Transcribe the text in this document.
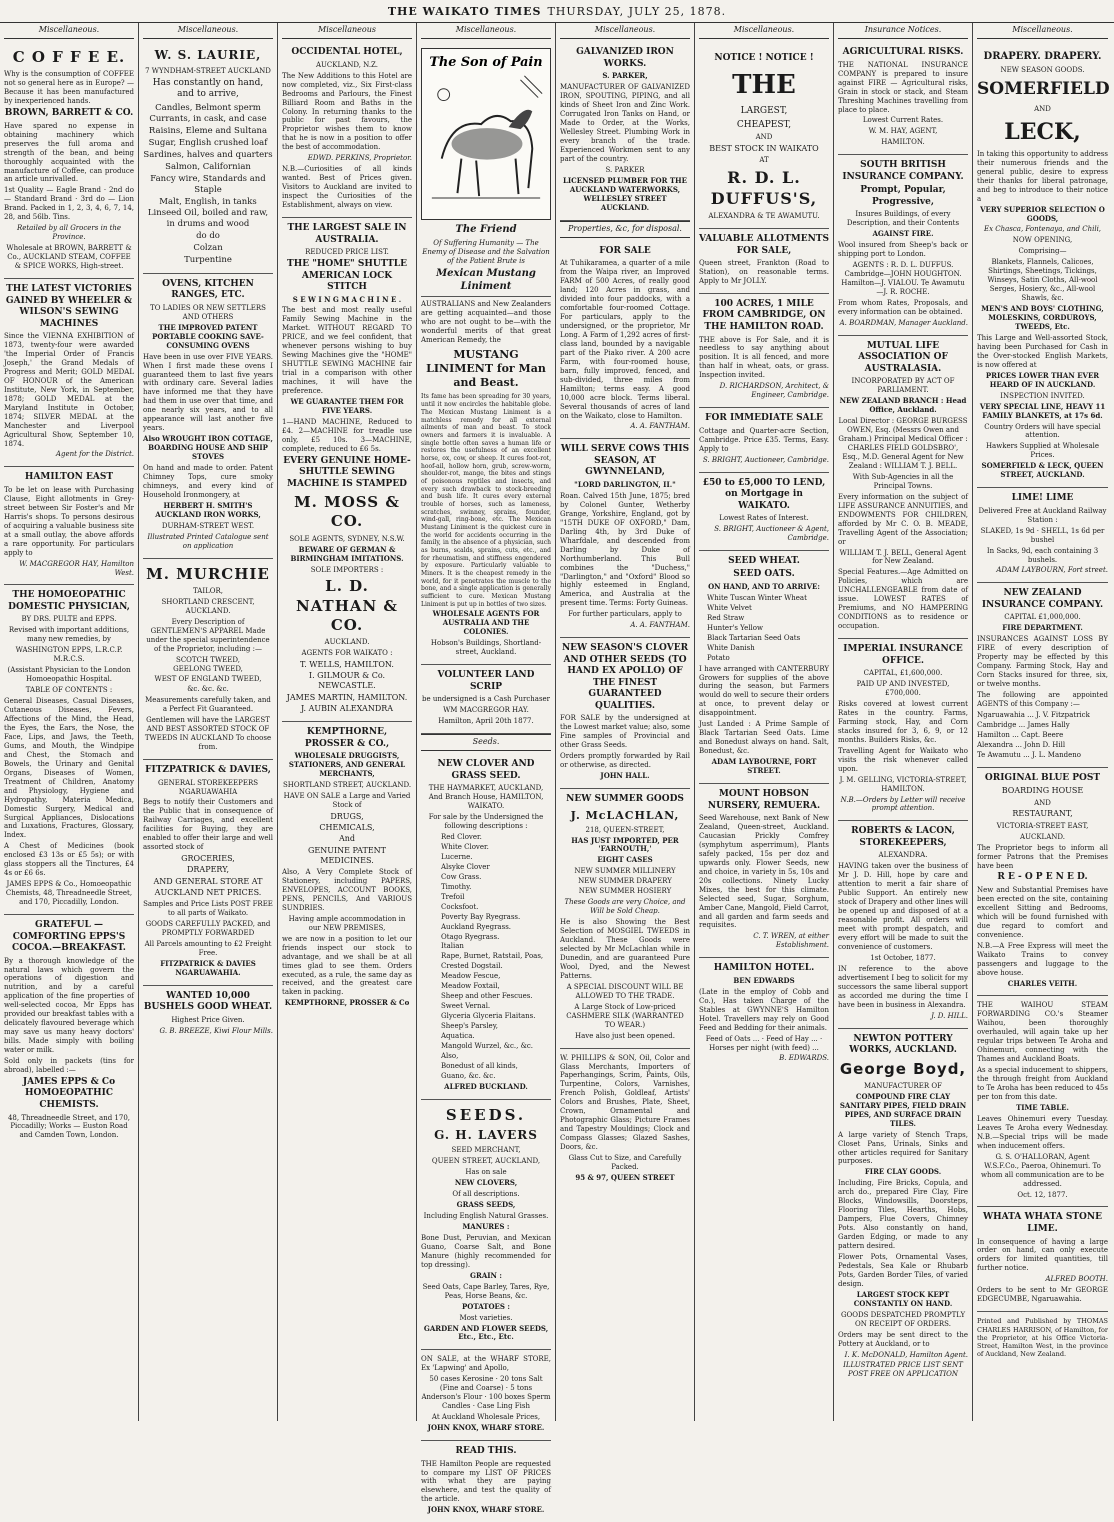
THE WAIKATO TIMES THURSDAY, JULY 25, 1878.
Miscellaneous.
C O F F E E.
Why is the consumption of COFFEE not so general here as in Europe? — Because it has been manufactured by inexperienced hands.
BROWN, BARRETT & CO.
Have spared no expense in obtaining machinery which preserves the full aroma and strength of the bean, and being thoroughly acquainted with the manufacture of Coffee, can produce an article unrivalled.
1st Quality — Eagle Brand · 2nd do — Standard Brand · 3rd do — Lion Brand. Packed in 1, 2, 3, 4, 6, 7, 14, 28, and 56lb. Tins.
Retailed by all Grocers in the Province.
Wholesale at BROWN, BARRETT & Co., AUCKLAND STEAM, COFFEE & SPICE WORKS, High-street.
THE LATEST VICTORIES GAINED BY WHEELER & WILSON'S SEWING MACHINES
Since the VIENNA EXHIBITION of 1873, twenty-four were awarded 'the Imperial Order of Francis Joseph,' the Grand Medals of Progress and Merit; GOLD MEDAL OF HONOUR of the American Institute, New York, in September, 1878; GOLD MEDAL at the Maryland Institute in October, 1874; SILVER MEDAL at the Manchester and Liverpool Agricultural Show, September 10, 1874.
Agent for the District.
HAMILTON EAST
To be let on lease with Purchasing Clause, Eight allotments in Grey-street between Sir Foster's and Mr Harris's shops. To persons desirous of acquiring a valuable business site at a small outlay, the above affords a rare opportunity. For particulars apply to
W. MACGREGOR HAY, Hamilton West.
THE HOMOEOPATHIC DOMESTIC PHYSICIAN,
BY DRS. PULTE and EPPS.
Revised with important additions, many new remedies, by
WASHINGTON EPPS, L.R.C.P. M.R.C.S.
(Assistant Physician to the London Homoeopathic Hospital.
TABLE OF CONTENTS :
General Diseases, Casual Diseases, Cutaneous Diseases, Fevers, Affections of the Mind, the Head, the Eyes, the Ears, the Nose, the Face, Lips, and Jaws, the Teeth, Gums, and Mouth, the Windpipe and Chest, the Stomach and Bowels, the Urinary and Genital Organs, Diseases of Women, Treatment of Children, Anatomy and Physiology, Hygiene and Hydropathy, Materia Medica, Domestic Surgery, Medical and Surgical Appliances, Dislocations and Luxations, Fractures, Glossary, Index.
A Chest of Medicines (book enclosed £3 13s or £5 5s); or with glass stoppers all the Tinctures, £4 4s or £6 6s.
JAMES EPPS & Co., Homoeopathic Chemists, 48, Threadneedle Street, and 170, Piccadilly, London.
GRATEFUL — COMFORTING EPPS'S COCOA.—BREAKFAST.
By a thorough knowledge of the natural laws which govern the operations of digestion and nutrition, and by a careful application of the fine properties of well-selected cocoa, Mr Epps has provided our breakfast tables with a delicately flavoured beverage which may save us many heavy doctors' bills. Made simply with boiling water or milk.
Sold only in packets (tins for abroad), labelled :—
JAMES EPPS & Co HOMOEOPATHIC CHEMISTS.
48, Threadneedle Street, and 170, Piccadilly; Works — Euston Road and Camden Town, London.
Miscellaneous.
W. S. LAURIE,
7 WYNDHAM-STREET AUCKLAND
Has constantly on hand, and to arrive,
Candles, Belmont sperm
Currants, in cask, and case
Raisins, Eleme and Sultana
Sugar, English crushed loaf
Sardines, halves and quarters
Salmon, Californian
Fancy wire, Standards and Staple
Malt, English, in tanks
Linseed Oil, boiled and raw, in drums and wood
do do
Colzan
Turpentine
OVENS, KITCHEN RANGES, ETC.
TO LADIES OR NEW SETTLERS AND OTHERS
THE IMPROVED PATENT PORTABLE COOKING SAVE-CONSUMING OVENS
Have been in use over FIVE YEARS. When I first made these ovens I guaranteed them to last five years with ordinary care. Several ladies have informed me that they have had them in use over that time, and one nearly six years, and to all appearance will last another five years.
Also WROUGHT IRON COTTAGE, BOARDING HOUSE AND SHIP STOVES
On hand and made to order. Patent Chimney Tops, cure smoky chimneys, and every kind of Household Ironmongery, at
HERBERT H. SMITH'S AUCKLAND IRON WORKS,
DURHAM-STREET WEST.
Illustrated Printed Catalogue sent on application
M. MURCHIE
TAILOR,
SHORTLAND CRESCENT, AUCKLAND.
Every Description of GENTLEMEN'S APPAREL Made under the special superintendence of the Proprietor, including :—
SCOTCH TWEED,
GEELONG TWEED,
WEST OF ENGLAND TWEED,
&c. &c. &c.
Measurements carefully taken, and a Perfect Fit Guaranteed.
Gentlemen will have the LARGEST AND BEST ASSORTED STOCK OF TWEEDS IN AUCKLAND To choose from.
FITZPATRICK & DAVIES,
GENERAL STOREKEEPERS NGARUAWAHIA
Begs to notify their Customers and the Public that in consequence of Railway Carriages, and excellent facilities for Buying, they are enabled to offer their large and well assorted stock of
GROCERIES,
DRAPERY,
AND GENERAL STORE AT
AUCKLAND NET PRICES.
Samples and Price Lists POST FREE to all parts of Waikato.
GOODS CAREFULLY PACKED, and PROMPTLY FORWARDED
All Parcels amounting to £2 Freight Free.
FITZPATRICK & DAVIES NGARUAWAHIA.
WANTED 10,000 BUSHELS GOOD WHEAT.
Highest Price Given.
G. B. BREEZE, Kiwi Flour Mills.
Miscellaneous
OCCIDENTAL HOTEL,
AUCKLAND, N.Z.
The New Additions to this Hotel are now completed, viz., Six First-class Bedrooms and Parlours, the Finest Billiard Room and Baths in the Colony. In returning thanks to the public for past favours, the Proprietor wishes them to know that he is now in a position to offer the best of accommodation.
EDWD. PERKINS, Proprietor.
N.B.—Curiosities of all kinds wanted. Best of Prices given. Visitors to Auckland are invited to inspect the Curiosities of the Establishment, always on view.
THE LARGEST SALE IN AUSTRALIA.
REDUCED PRICE LIST.
THE "HOME" SHUTTLE AMERICAN LOCK STITCH
S E W I N G M A C H I N E .
The best and most really useful Family Sewing Machine in the Market. WITHOUT REGARD TO PRICE, and we feel confident, that whenever persons wishing to buy Sewing Machines give the "HOME" SHUTTLE SEWING MACHINE fair trial in a comparison with other machines, it will have the preference.
WE GUARANTEE THEM FOR FIVE YEARS.
1—HAND MACHINE, Reduced to £4. 2—MACHINE for treadle use only, £5 10s. 3—MACHINE, complete, reduced to £6 5s.
EVERY GENUINE HOME-SHUTTLE SEWING MACHINE IS STAMPED
M. MOSS & CO.
SOLE AGENTS, SYDNEY, N.S.W.
BEWARE OF GERMAN & BIRMINGHAM IMITATIONS.
SOLE IMPORTERS :
L. D. NATHAN & CO.
AUCKLAND.
AGENTS FOR WAIKATO :
T. WELLS, HAMILTON.
I. GILMOUR & Co. NEWCASTLE.
JAMES MARTIN, HAMILTON.
J. AUBIN ALEXANDRA
KEMPTHORNE, PROSSER & CO.,
WHOLESALE DRUGGISTS, STATIONERS, AND GENERAL MERCHANTS,
SHORTLAND STREET, AUCKLAND.
HAVE ON SALE a Large and Varied Stock of
DRUGS,
CHEMICALS,
And
GENUINE PATENT MEDICINES.
Also, A Very Complete Stock of Stationery, including PAPERS, ENVELOPES, ACCOUNT BOOKS, PENS, PENCILS, And VARIOUS SUNDRIES.
Having ample accommodation in our NEW PREMISES,
we are now in a position to let our friends inspect our stock to advantage, and we shall be at all times glad to see them. Orders executed, as a rule, the same day as received, and the greatest care taken in packing.
KEMPTHORNE, PROSSER & Co
Miscellaneous.
The Son of Pain
The Friend
Of Suffering Humanity — The Enemy of Disease and the Salvation of the Patient Brute is
Mexican Mustang Liniment
AUSTRALIANS and New Zealanders are getting acquainted—and those who are not ought to be—with the wonderful merits of that great American Remedy, the
MUSTANG LINIMENT for Man and Beast.
Its fame has been spreading for 30 years, until it now encircles the habitable globe. The Mexican Mustang Liniment is a matchless remedy for all external ailments of man and beast. To stock owners and farmers it is invaluable. A single bottle often saves a human life or restores the usefulness of an excellent horse, ox, cow, or sheep. It cures foot-rot, hoof-ail, hollow horn, grub, screw-worm, shoulder-rot, mange, the bites and stings of poisonous reptiles and insects, and every such drawback to stock-breeding and bush life. It cures every external trouble of horses, such as lameness, scratches, swinney, sprains, founder, wind-gall, ring-bone, etc. The Mexican Mustang Liniment is the quickest cure in the world for accidents occurring in the family, in the absence of a physician, such as burns, scalds, sprains, cuts, etc., and for rheumatism, and stiffness engendered by exposure. Particularly valuable to Miners. It is the cheapest remedy in the world, for it penetrates the muscle to the bone, and a single application is generally sufficient to cure. Mexican Mustang Liniment is put up in bottles of two sizes.
WHOLESALE AGENTS FOR AUSTRALIA AND THE COLONIES.
Hobson's Buildings, Shortland-street, Auckland.
VOLUNTEER LAND SCRIP
be undersigned is a Cash Purchaser
WM MACGREGOR HAY.
Hamilton, April 20th 1877.
Seeds.
NEW CLOVER AND GRASS SEED.
THE HAYMARKET, AUCKLAND, And Branch House, HAMILTON, WAIKATO.
For sale by the Undersigned the following descriptions :
Red Clover.
White Clover.
Lucerne.
Alsyke Clover
Cow Grass.
Timothy.
Trefoil
Cocksfoot.
Poverty Bay Ryegrass.
Auckland Ryegrass.
Otago Ryegrass.
Italian
Rape, Burnet, Ratstail, Poas,
Crested Dogstail.
Meadow Fescue,
Meadow Foxtail,
Sheep and other Fescues.
Sweet Vernal.
Glyceria Glyceria Flaitans.
Sheep's Parsley,
Aquatica.
Mangold Wurzel, &c., &c.
Also,
Bonedust of all kinds,
Guano, &c. &c.
ALFRED BUCKLAND.
SEEDS.
G. H. LAVERS
SEED MERCHANT,
QUEEN STREET, AUCKLAND,
Has on sale
NEW CLOVERS,
Of all descriptions.
GRASS SEEDS,
Including English Natural Grasses.
MANURES :
Bone Dust, Peruvian, and Mexican Guano, Coarse Salt, and Bone Manure (highly recommended for top dressing).
GRAIN :
Seed Oats, Cape Barley, Tares, Rye, Peas, Horse Beans, &c.
POTATOES :
Most varieties.
GARDEN AND FLOWER SEEDS, Etc., Etc., Etc.
ON SALE, at the WHARF STORE, Ex 'Lapwing' and Apollo,
50 cases Kerosine · 20 tons Salt (Fine and Coarse) · 5 tons Anderson's Flour · 100 boxes Sperm Candles · Case Ling Fish
At Auckland Wholesale Prices,
JOHN KNOX, WHARF STORE.
READ THIS.
THE Hamilton People are requested to compare my LIST OF PRICES with what they are paying elsewhere, and test the quality of the article.
JOHN KNOX, WHARF STORE.
Miscellaneous.
GALVANIZED IRON WORKS.
S. PARKER,
MANUFACTURER OF GALVANIZED IRON, SPOUTING, PIPING, and all kinds of Sheet Iron and Zinc Work. Corrugated Iron Tanks on Hand, or Made to Order, at the Works, Wellesley Street. Plumbing Work in every branch of the trade. Experienced Workmen sent to any part of the country.
S. PARKER
LICENSED PLUMBER FOR THE AUCKLAND WATERWORKS, WELLESLEY STREET AUCKLAND.
Properties, &c, for disposal.
FOR SALE
At Tuhikaramea, a quarter of a mile from the Waipa river, an Improved FARM of 500 Acres, of really good land; 120 Acres in grass, and divided into four paddocks, with a comfortable four-roomed Cottage. For particulars, apply to the undersigned, or the proprietor, Mr Long. A Farm of 1,292 acres of first-class land, bounded by a navigable part of the Piako river. A 200 acre Farm, with four-roomed house, barn, fully improved, fenced, and sub-divided, three miles from Hamilton; terms easy. A good 10,000 acre block. Terms liberal. Several thousands of acres of land on the Waikato, close to Hamilton.
A. A. FANTHAM.
WILL SERVE COWS THIS SEASON, AT GWYNNELAND,
"LORD DARLINGTON, II."
Roan. Calved 15th June, 1875; bred by Colonel Gunter, Wetherby Grange, Yorkshire, England, got by "15TH DUKE OF OXFORD," Dam, Darling 4th, by 3rd Duke of Wharfdale, and descended from Darling by Duke of Northumberland. This Bull combines the "Duchess," "Darlington," and "Oxford" Blood so highly esteemed in England, America, and Australia at the present time. Terms: Forty Guineas.
For further particulars, apply to
A. A. FANTHAM.
NEW SEASON'S CLOVER AND OTHER SEEDS (TO HAND EX APOLLO) OF THE FINEST GUARANTEED QUALITIES.
FOR SALE by the undersigned at the Lowest market value; also, some Fine samples of Provincial and other Grass Seeds.
Orders promptly forwarded by Rail or otherwise, as directed.
JOHN HALL.
NEW SUMMER GOODS
J. McLACHLAN,
218, QUEEN-STREET,
HAS JUST IMPORTED, PER 'FARNOUTH,'
EIGHT CASES
NEW SUMMER MILLINERY
NEW SUMMER DRAPERY
NEW SUMMER HOSIERY
These Goods are very Choice, and Will be Sold Cheap.
He is also Showing the Best Selection of MOSGIEL TWEEDS in Auckland. These Goods were selected by Mr McLachlan while in Dunedin, and are guaranteed Pure Wool, Dyed, and the Newest Patterns.
A SPECIAL DISCOUNT WILL BE ALLOWED TO THE TRADE.
A Large Stock of Low-priced CASHMERE SILK (WARRANTED TO WEAR.)
Have also just been opened.
W. PHILLIPS & SON, Oil, Color and Glass Merchants, Importers of Paperhangings, Scrim, Paints, Oils, Turpentine, Colors, Varnishes, French Polish, Goldleaf, Artists' Colors and Brushes, Plate, Sheet, Crown, Ornamental and Photographic Glass; Picture Frames and Tapestry Mouldings; Clock and Compass Glasses; Glazed Sashes, Doors, &c.
Glass Cut to Size, and Carefully Packed.
95 & 97, QUEEN STREET
Miscellaneous.
NOTICE ! NOTICE !
THE
LARGEST,
CHEAPEST,
AND
BEST STOCK IN WAIKATO
AT
R. D. L. DUFFUS'S,
ALEXANDRA & TE AWAMUTU.
VALUABLE ALLOTMENTS FOR SALE,
Queen street, Frankton (Road to Station), on reasonable terms. Apply to Mr JOLLY.
100 ACRES, 1 MILE FROM CAMBRIDGE, ON THE HAMILTON ROAD.
THE above is For Sale, and it is needless to say anything about position. It is all fenced, and more than half in wheat, oats, or grass. Inspection invited.
D. RICHARDSON, Architect, & Engineer, Cambridge.
FOR IMMEDIATE SALE
Cottage and Quarter-acre Section, Cambridge. Price £35. Terms, Easy. Apply to
S. BRIGHT, Auctioneer, Cambridge.
£50 to £5,000 TO LEND, on Mortgage in WAIKATO.
Lowest Rates of Interest.
S. BRIGHT, Auctioneer & Agent, Cambridge.
SEED WHEAT.
SEED OATS.
ON HAND, AND TO ARRIVE:
White Tuscan Winter Wheat
White Velvet
Red Straw
Hunter's Yellow
Black Tartarian Seed Oats
White Danish
Potato
I have arranged with CANTERBURY Growers for supplies of the above during the season, but Farmers would do well to secure their orders at once, to prevent delay or disappointment.
Just Landed : A Prime Sample of Black Tartarian Seed Oats. Lime and Bonedust always on hand. Salt, Bonedust, &c.
ADAM LAYBOURNE, FORT STREET.
MOUNT HOBSON NURSERY, REMUERA.
Seed Warehouse, next Bank of New Zealand, Queen-street, Auckland. Caucasian Prickly Comfrey (symphytum asperrimum), Plants safely packed, 15s per doz and upwards only. Flower Seeds, new and choice, in variety in 5s, 10s and 20s collections. Ninety Lucky Mixes, the best for this climate. Selected seed, Sugar, Sorghum, Amber Cane, Mangold, Field Carrot, and all garden and farm seeds and requisites.
C. T. WREN, at either Establishment.
HAMILTON HOTEL.
BEN EDWARDS
(Late in the employ of Cobb and Co.), Has taken Charge of the Stables at GWYNNE'S Hamilton Hotel. Travellers may rely on Good Feed and Bedding for their animals.
Feed of Oats ... · Feed of Hay ... · Horses per night (with feed) ...
B. EDWARDS.
Insurance Notices.
AGRICULTURAL RISKS.
THE NATIONAL INSURANCE COMPANY is prepared to insure against FIRE — Agricultural risks, Grain in stock or stack, and Steam Threshing Machines travelling from place to place.
Lowest Current Rates.
W. M. HAY, AGENT,
HAMILTON.
SOUTH BRITISH INSURANCE COMPANY.
Prompt, Popular, Progressive,
Insures Buildings, of every Description, and their Contents
AGAINST FIRE.
Wool insured from Sheep's back or shipping port to London.
AGENTS : R. D. L. DUFFUS. Cambridge—JOHN HOUGHTON. Hamilton—J. VIALOU. Te Awamutu—J. R. ROCHE.
From whom Rates, Proposals, and every information can be obtained.
A. BOARDMAN, Manager Auckland.
MUTUAL LIFE ASSOCIATION OF AUSTRALASIA.
INCORPORATED BY ACT OF PARLIAMENT.
NEW ZEALAND BRANCH : Head Office, Auckland.
Local Director : GEORGE BURGESS OWEN, Esq. (Messrs Owen and Graham.) Principal Medical Officer : CHARLES FIELD GOLDSBRO', Esq., M.D. General Agent for New Zealand : WILLIAM T. J. BELL.
With Sub-Agencies in all the Principal Towns.
Every information on the subject of LIFE ASSURANCE ANNUITIES, and ENDOWMENTS FOR CHILDREN, afforded by Mr C. O. B. MEADE, Travelling Agent of the Association; or
WILLIAM T. J. BELL, General Agent for New Zealand.
Special Features.—Age Admitted on Policies, which are UNCHALLENGEABLE from date of issue. LOWEST RATES of Premiums, and NO HAMPERING CONDITIONS as to residence or occupation.
IMPERIAL INSURANCE OFFICE.
CAPITAL, £1,600,000.
PAID UP AND INVESTED, £700,000.
Risks covered at lowest current Rates in the country. Farms, Farming stock, Hay, and Corn stacks insured for 3, 6, 9, or 12 months. Builders Risks, &c.
Travelling Agent for Waikato who visits the risk whenever called upon.
J. M. GELLING, VICTORIA-STREET, HAMILTON.
N.B.—Orders by Letter will receive prompt attention.
ROBERTS & LACON, STOREKEEPERS,
ALEXANDRA.
HAVING taken over the business of Mr J. D. Hill, hope by care and attention to merit a fair share of Public Support. An entirely new stock of Drapery and other lines will be opened up and disposed of at a reasonable profit. All orders will meet with prompt despatch, and every effort will be made to suit the convenience of customers.
1st October, 1877.
IN reference to the above advertisement I beg to solicit for my successors the same liberal support as accorded me during the time I have been in business in Alexandra.
J. D. HILL.
NEWTON POTTERY WORKS, AUCKLAND.
George Boyd,
MANUFACTURER OF
COMPOUND FIRE CLAY SANITARY PIPES, FIELD DRAIN PIPES, AND SURFACE DRAIN TILES.
A large variety of Stench Traps, Closet Pans, Urinals, Sinks and other articles required for Sanitary purposes.
FIRE CLAY GOODS.
Including, Fire Bricks, Copula, and arch do., prepared Fire Clay, Fire Blocks, Windowsills, Doorsteps, Flooring Tiles, Hearths, Hobs, Dampers, Flue Covers, Chimney Pots. Also constantly on hand, Garden Edging, or made to any pattern desired.
Flower Pots, Ornamental Vases, Pedestals, Sea Kale or Rhubarb Pots, Garden Border Tiles, of varied design.
LARGEST STOCK KEPT CONSTANTLY ON HAND.
GOODS DESPATCHED PROMPTLY ON RECEIPT OF ORDERS.
Orders may be sent direct to the Pottery at Auckland, or to
I. K. McDONALD, Hamilton Agent.
ILLUSTRATED PRICE LIST SENT POST FREE ON APPLICATION
Miscellaneous.
DRAPERY. DRAPERY.
NEW SEASON GOODS.
SOMERFIELD
AND
LECK,
In taking this opportunity to address their numerous friends and the general public, desire to express their thanks for liberal patronage, and beg to introduce to their notice a
VERY SUPERIOR SELECTION O GOODS,
Ex Chasca, Fontenaya, and Chili,
NOW OPENING,
Comprising—
Blankets, Flannels, Calicoes, Shirtings, Sheetings, Tickings, Winseys, Satin Cloths, All-wool Serges, Hosiery, &c., All-wool Shawls, &c.
MEN'S AND BOYS' CLOTHING, MOLESKINS, CORDUROYS, TWEEDS, Etc.
This Large and Well-assorted Stock, having been Purchased for Cash in the Over-stocked English Markets, is now offered at
PRICES LOWER THAN EVER HEARD OF IN AUCKLAND.
INSPECTION INVITED.
VERY SPECIAL LINE, HEAVY 11 FAMILY BLANKETS, at 17s 6d.
Country Orders will have special attention.
Hawkers Supplied at Wholesale Prices.
SOMERFIELD & LECK, QUEEN STREET, AUCKLAND.
LIME! LIME
Delivered Free at Auckland Railway Station :
SLAKED, 1s 9d · SHELL, 1s 6d per bushel
In Sacks, 9d, each containing 3 bushels.
ADAM LAYBOURN, Fort street.
NEW ZEALAND INSURANCE COMPANY.
CAPITAL £1,000,000.
FIRE DEPARTMENT.
INSURANCES AGAINST LOSS BY FIRE of every description of Property may be effected by this Company. Farming Stock, Hay and Corn Stacks insured for three, six, or twelve months.
The following are appointed AGENTS of this Company :—
Ngaruawahia ... J. V. Fitzpatrick
Cambridge ... James Hally
Hamilton ... Capt. Beere
Alexandra ... John D. Hill
Te Awamutu ... J. L. Mandeno
ORIGINAL BLUE POST
BOARDING HOUSE
AND
RESTAURANT,
VICTORIA-STREET EAST,
AUCKLAND.
The Proprietor begs to inform all former Patrons that the Premises have been
R E - O P E N E D.
New and Substantial Premises have been erected on the site, containing excellent Sitting and Bedrooms, which will be found furnished with due regard to comfort and convenience.
N.B.—A Free Express will meet the Waikato Trains to convey passengers and luggage to the above house.
CHARLES VEITH.
THE WAIHOU STEAM FORWARDING CO.'s Steamer Waihou, been thoroughly overhauled, will again take up her regular trips between Te Aroha and Ohinemuri, connecting with the Thames and Auckland Boats.
As a special inducement to shippers, the through freight from Auckland to Te Aroha has been reduced to 45s per ton from this date.
TIME TABLE.
Leaves Ohinemuri every Tuesday. Leaves Te Aroha every Wednesday. N.B.—Special trips will be made when inducement offers.
G. S. O'HALLORAN, Agent W.S.F.Co., Paeroa, Ohinemuri. To whom all communication are to be addressed.
Oct. 12, 1877.
WHATA WHATA STONE LIME.
In consequence of having a large order on hand, can only execute orders for limited quantities, till further notice.
ALFRED BOOTH.
Orders to be sent to Mr GEORGE EDGECUMBE, Ngaruawahia.
Printed and Published by THOMAS CHARLES HARRISON, of Hamilton, for the Proprietor, at his Office Victoria-Street, Hamilton West, in the province of Auckland, New Zealand.
